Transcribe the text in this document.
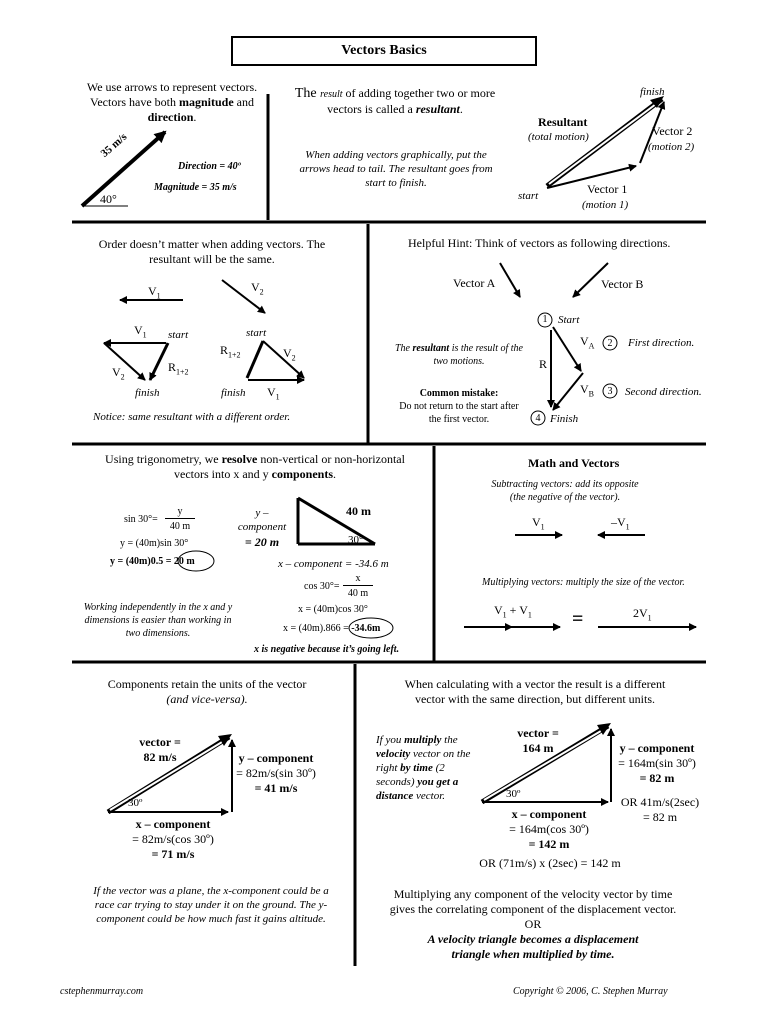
Vectors Basics
We use arrows to represent vectors. Vectors have both magnitude and direction.
35 m/s
40°
Direction = 40º
Magnitude = 35 m/s
The result of adding together two or more vectors is called a resultant.
When adding vectors graphically, put the arrows head to tail. The resultant goes from start to finish.
finish
Resultant
(total motion)	Vector 2
(motion 2)
start	Vector 1
(motion 1)
Order doesn’t matter when adding vectors. The resultant will be the same.
$V_1$
$V_2$
$V_1$ start
$R_{1+2}$
$V_2$
finish
start
$R_{1+2}$	$V_2$
finish $V_1$
Notice: same resultant with a different order.
Helpful Hint: Think of vectors as following directions.
Vector A	Vector B
1 Start
$V_A$	2	First direction.
R
$V_B$	3	Second direction.
4 Finish
The resultant is the result of the two motions.
Common mistake:
Do not return to the start after the first vector.
Using trigonometry, we resolve non-vertical or non-horizontal vectors into x and y components.
sin 30°=
y
40 m
y = (40m)sin 30°
y = (40m)0.5 = 20 m
y – component
= 20 m
40 m
30°
x – component = -34.6 m
cos 30°=
x
40 m
x = (40m)cos 30°
x = (40m).866 = -34.6m
Working independently in the x and y dimensions is easier than working in two dimensions.
x is negative because it’s going left.
Math and Vectors
Subtracting vectors: add its opposite (the negative of the vector).
$V_1$	$-V_1$
Multiplying vectors: multiply the size of the vector.
$V_1 + V_1$ =	$2V_1$
Components retain the units of the vector
(and vice-versa).
vector =
82 m/s
30º
y – component
= 82m/s(sin 30º)
= 41 m/s
x – component
= 82m/s(cos 30º)
= 71 m/s
If the vector was a plane, the x-component could be a race car trying to stay under it on the ground. The y-component could be how much fast it gains altitude.
When calculating with a vector the result is a different vector with the same direction, but different units.
If you multiply the velocity vector on the right by time (2 seconds) you get a distance vector.
vector =
164 m
30º
y – component
= 164m(sin 30º)
= 82 m
OR 41m/s(2sec)
= 82 m
x – component
= 164m(cos 30º)
= 142 m
OR (71m/s) x (2sec) = 142 m
Multiplying any component of the velocity vector by time gives the correlating component of the displacement vector.
OR
A velocity triangle becomes a displacement triangle when multiplied by time.
cstephenmurray.com	Copyright © 2006, C. Stephen Murray
